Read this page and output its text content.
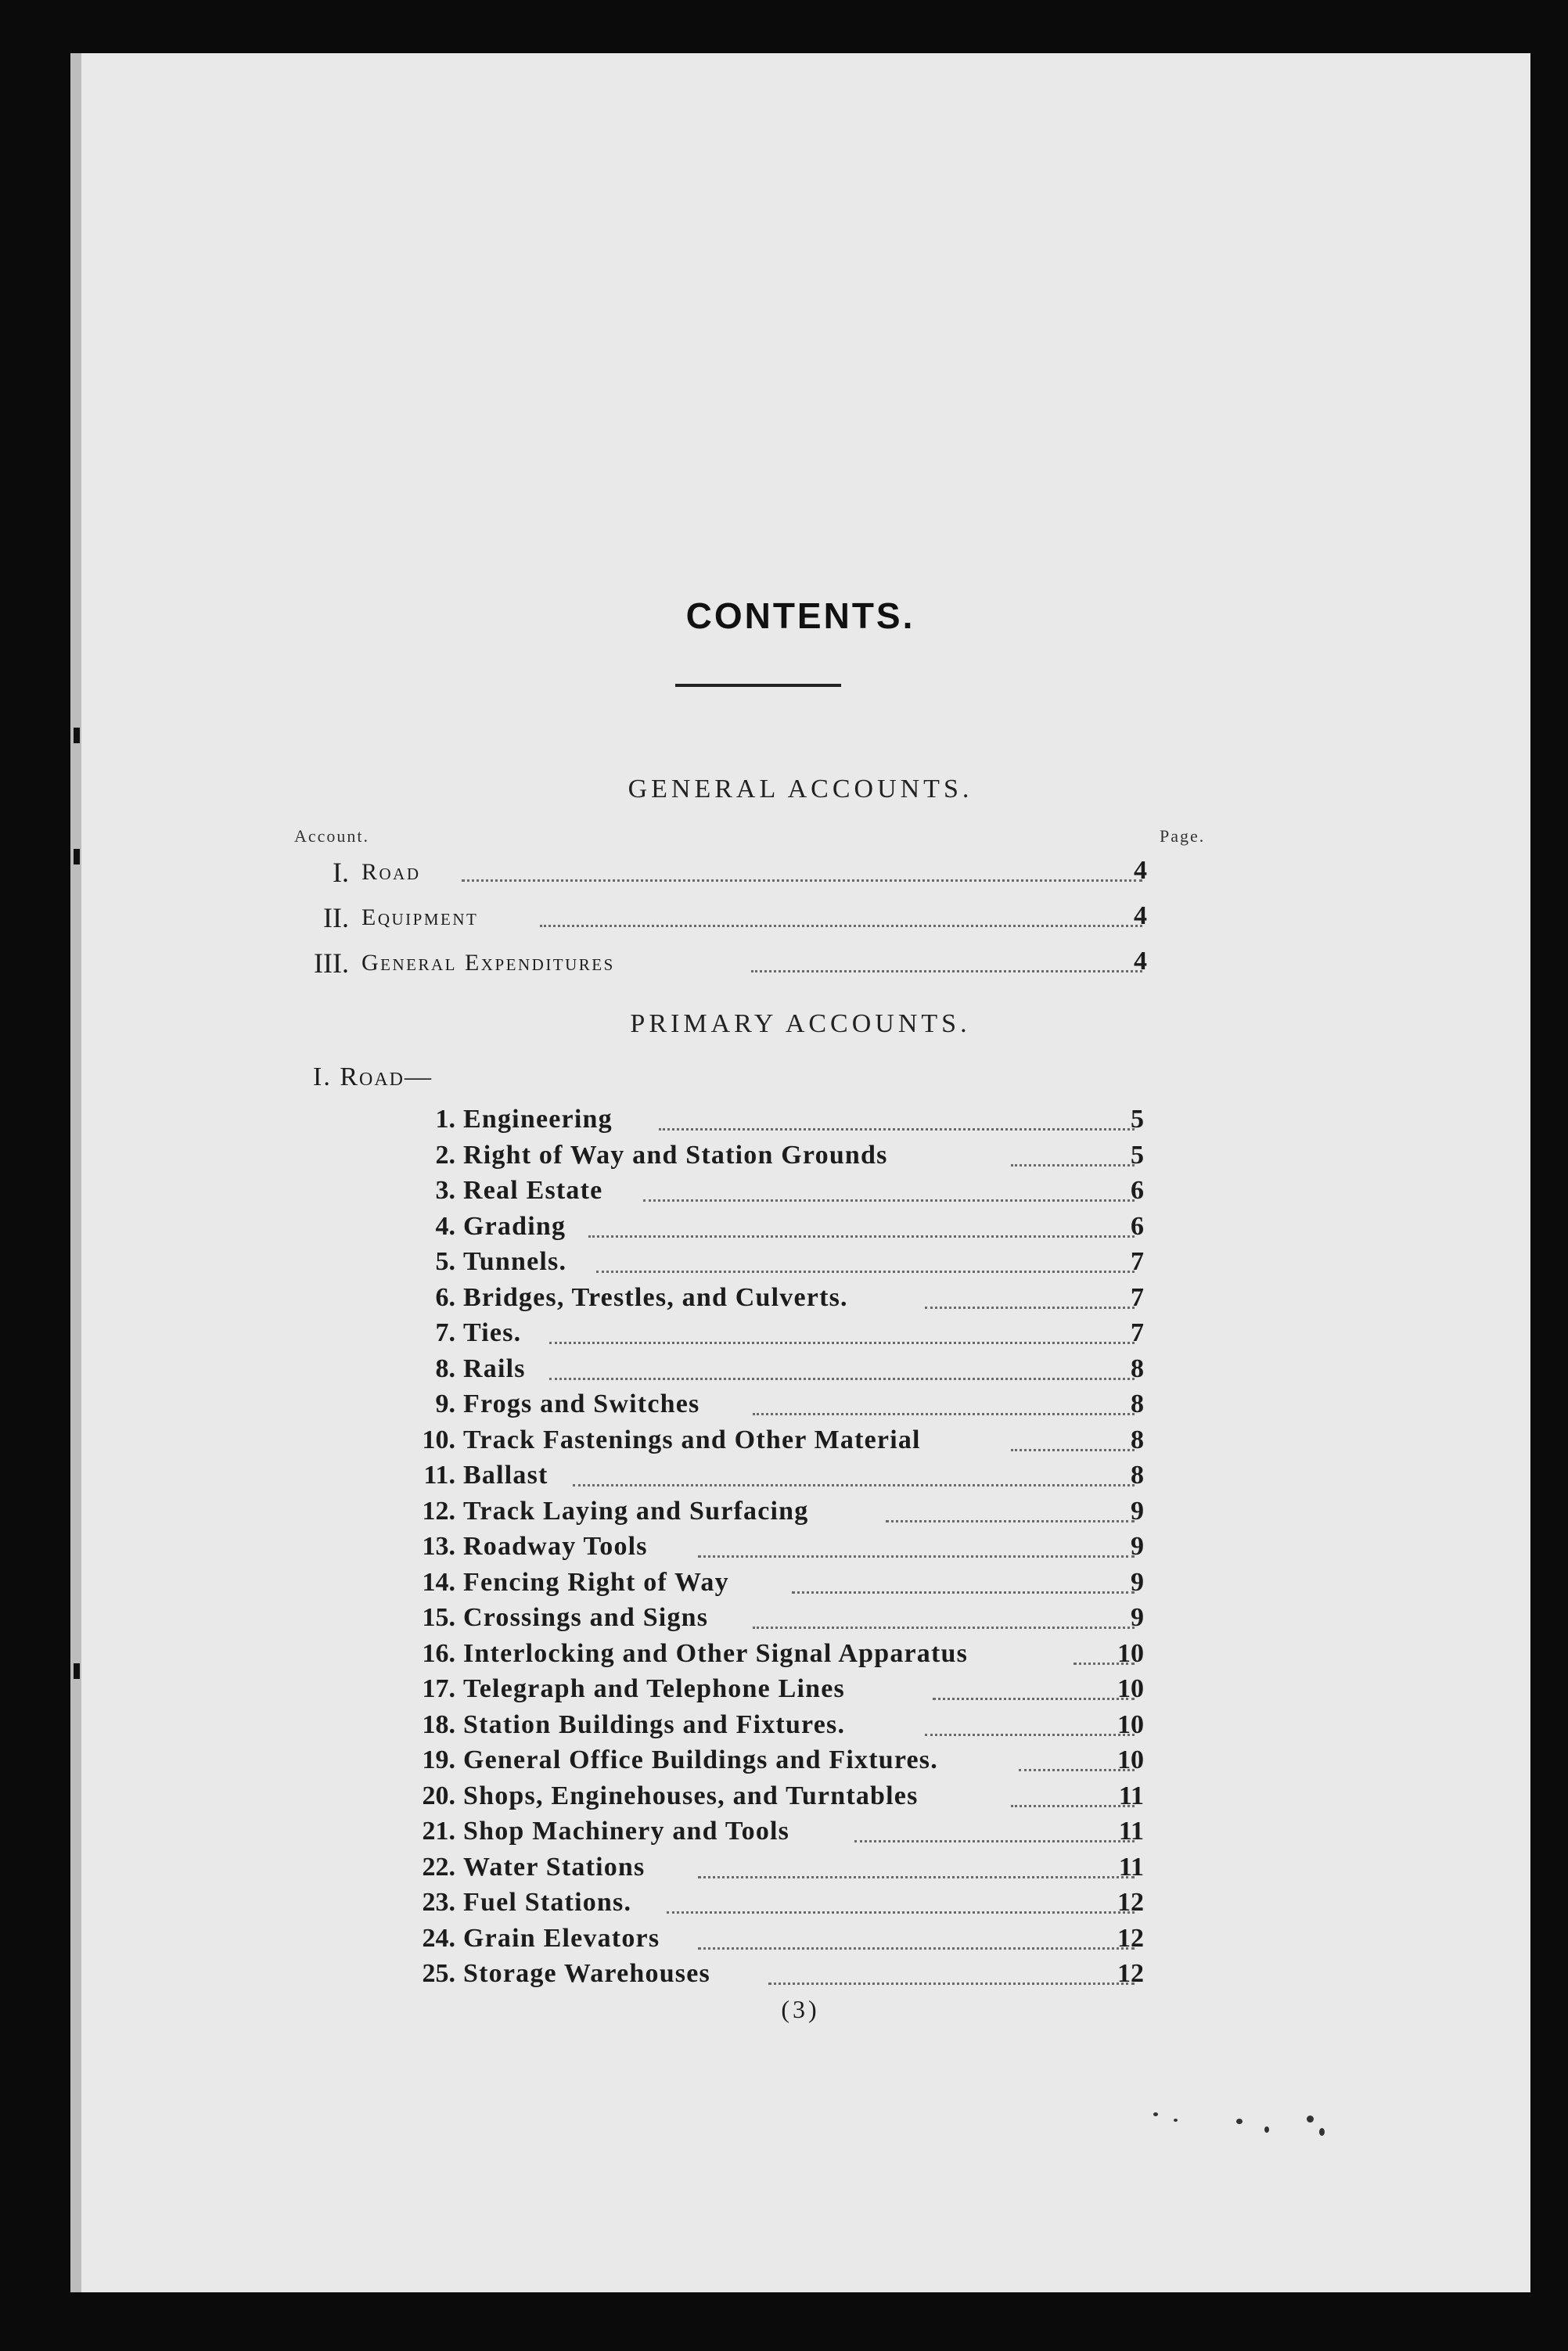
CONTENTS.
GENERAL ACCOUNTS.
Account.	Page.
I. Road	4
II. Equipment	4
III. General Expenditures	4
PRIMARY ACCOUNTS.
I. Road—
1. Engineering	5
2. Right of Way and Station Grounds	5
3. Real Estate	6
4. Grading	6
5. Tunnels.	7
6. Bridges, Trestles, and Culverts.	7
7. Ties.	7
8. Rails	8
9. Frogs and Switches	8
10. Track Fastenings and Other Material	8
11. Ballast	8
12. Track Laying and Surfacing	9
13. Roadway Tools	9
14. Fencing Right of Way	9
15. Crossings and Signs	9
16. Interlocking and Other Signal Apparatus	10
17. Telegraph and Telephone Lines	10
18. Station Buildings and Fixtures.	10
19. General Office Buildings and Fixtures.	10
20. Shops, Enginehouses, and Turntables	11
21. Shop Machinery and Tools	11
22. Water Stations	11
23. Fuel Stations.	12
24. Grain Elevators	12
25. Storage Warehouses	12
(3)
